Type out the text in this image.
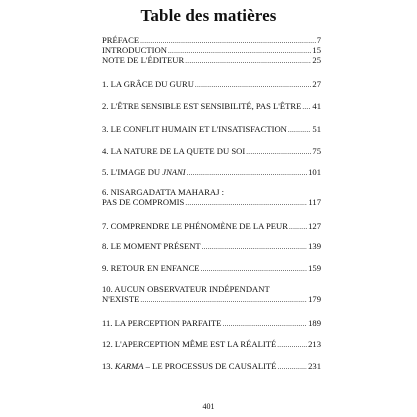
Table des matières
PRÉFACE .....	7
INTRODUCTION .....	15
NOTE DE L'ÉDITEUR .....	25
1. LA GRÂCE DU GURU .....	27
2. L'ÊTRE SENSIBLE EST SENSIBILITÉ, PAS L'ÊTRE ..... 41
3. LE CONFLIT HUMAIN ET L'INSATISFACTION .....	51
4. LA NATURE DE LA QUETE DU SOI .....	75
5. L'IMAGE DU JNANI .....	101
6. NISARGADATTA MAHARAJ :
PAS DE COMPROMIS .....	117
7. COMPRENDRE LE PHÉNOMÈNE DE LA PEUR ..... 127
8. LE MOMENT PRÉSENT .....	139
9. RETOUR EN ENFANCE .....	159
10. AUCUN OBSERVATEUR INDÉPENDANT
N'EXISTE .....	179
11. LA PERCEPTION PARFAITE .....	189
12. L'APERCEPTION MÊME EST LA RÉALITÉ .....	213
13. KARMA – LE PROCESSUS DE CAUSALITÉ .....	231
401
